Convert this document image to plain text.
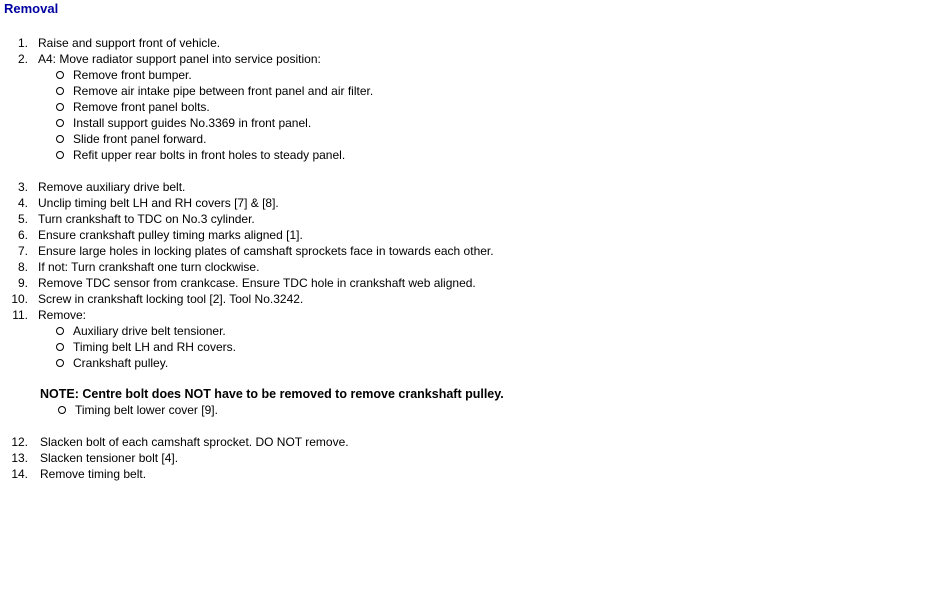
Removal
1. Raise and support front of vehicle.
2. A4: Move radiator support panel into service position:
Remove front bumper.
Remove air intake pipe between front panel and air filter.
Remove front panel bolts.
Install support guides No.3369 in front panel.
Slide front panel forward.
Refit upper rear bolts in front holes to steady panel.
3. Remove auxiliary drive belt.
4. Unclip timing belt LH and RH covers [7] & [8].
5. Turn crankshaft to TDC on No.3 cylinder.
6. Ensure crankshaft pulley timing marks aligned [1].
7. Ensure large holes in locking plates of camshaft sprockets face in towards each other.
8. If not: Turn crankshaft one turn clockwise.
9. Remove TDC sensor from crankcase. Ensure TDC hole in crankshaft web aligned.
10. Screw in crankshaft locking tool [2]. Tool No.3242.
11. Remove:
Auxiliary drive belt tensioner.
Timing belt LH and RH covers.
Crankshaft pulley.
NOTE: Centre bolt does NOT have to be removed to remove crankshaft pulley.
Timing belt lower cover [9].
12. Slacken bolt of each camshaft sprocket. DO NOT remove.
13. Slacken tensioner bolt [4].
14. Remove timing belt.
